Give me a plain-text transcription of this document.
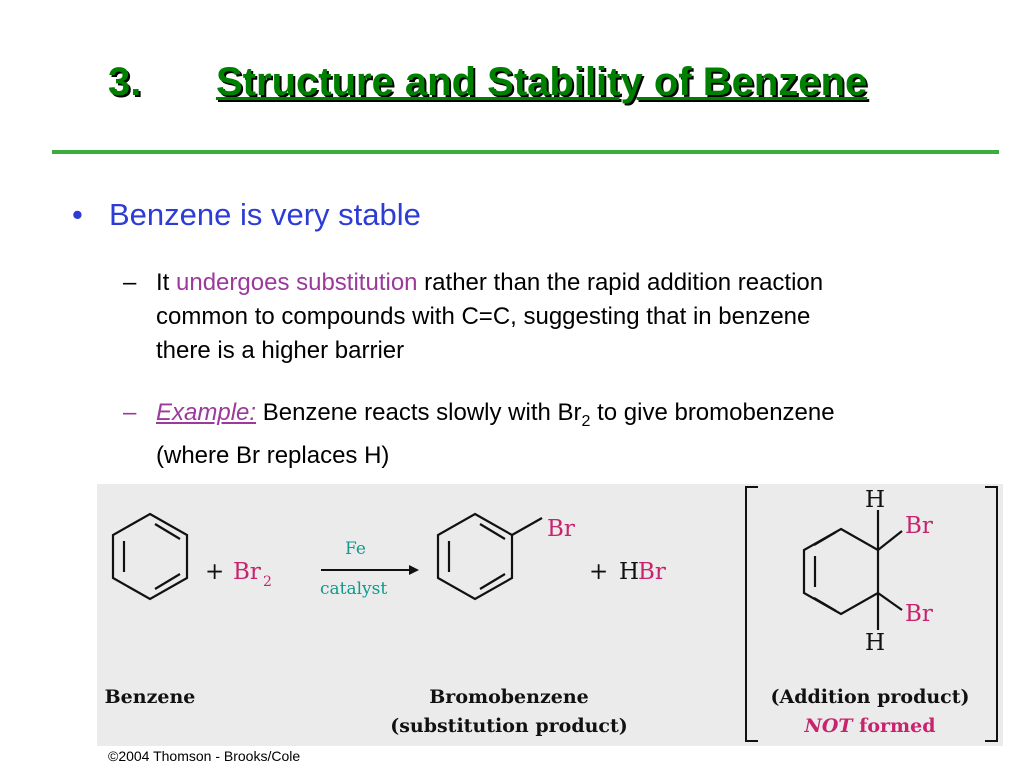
3. Structure and Stability of Benzene
• Benzene is very stable
– It undergoes substitution rather than the rapid addition reaction
common to compounds with C=C, suggesting that in benzene
there is a higher barrier
– Example: Benzene reacts slowly with $Br_2$ to give bromobenzene
(where Br replaces H)
+ Br 2
Fe
catalyst
Br
+ H
Br
H
Br
Br
H
Benzene	Bromobenzene
(substitution product)
(Addition product)
NOT formed
©2004 Thomson - Brooks/Cole
